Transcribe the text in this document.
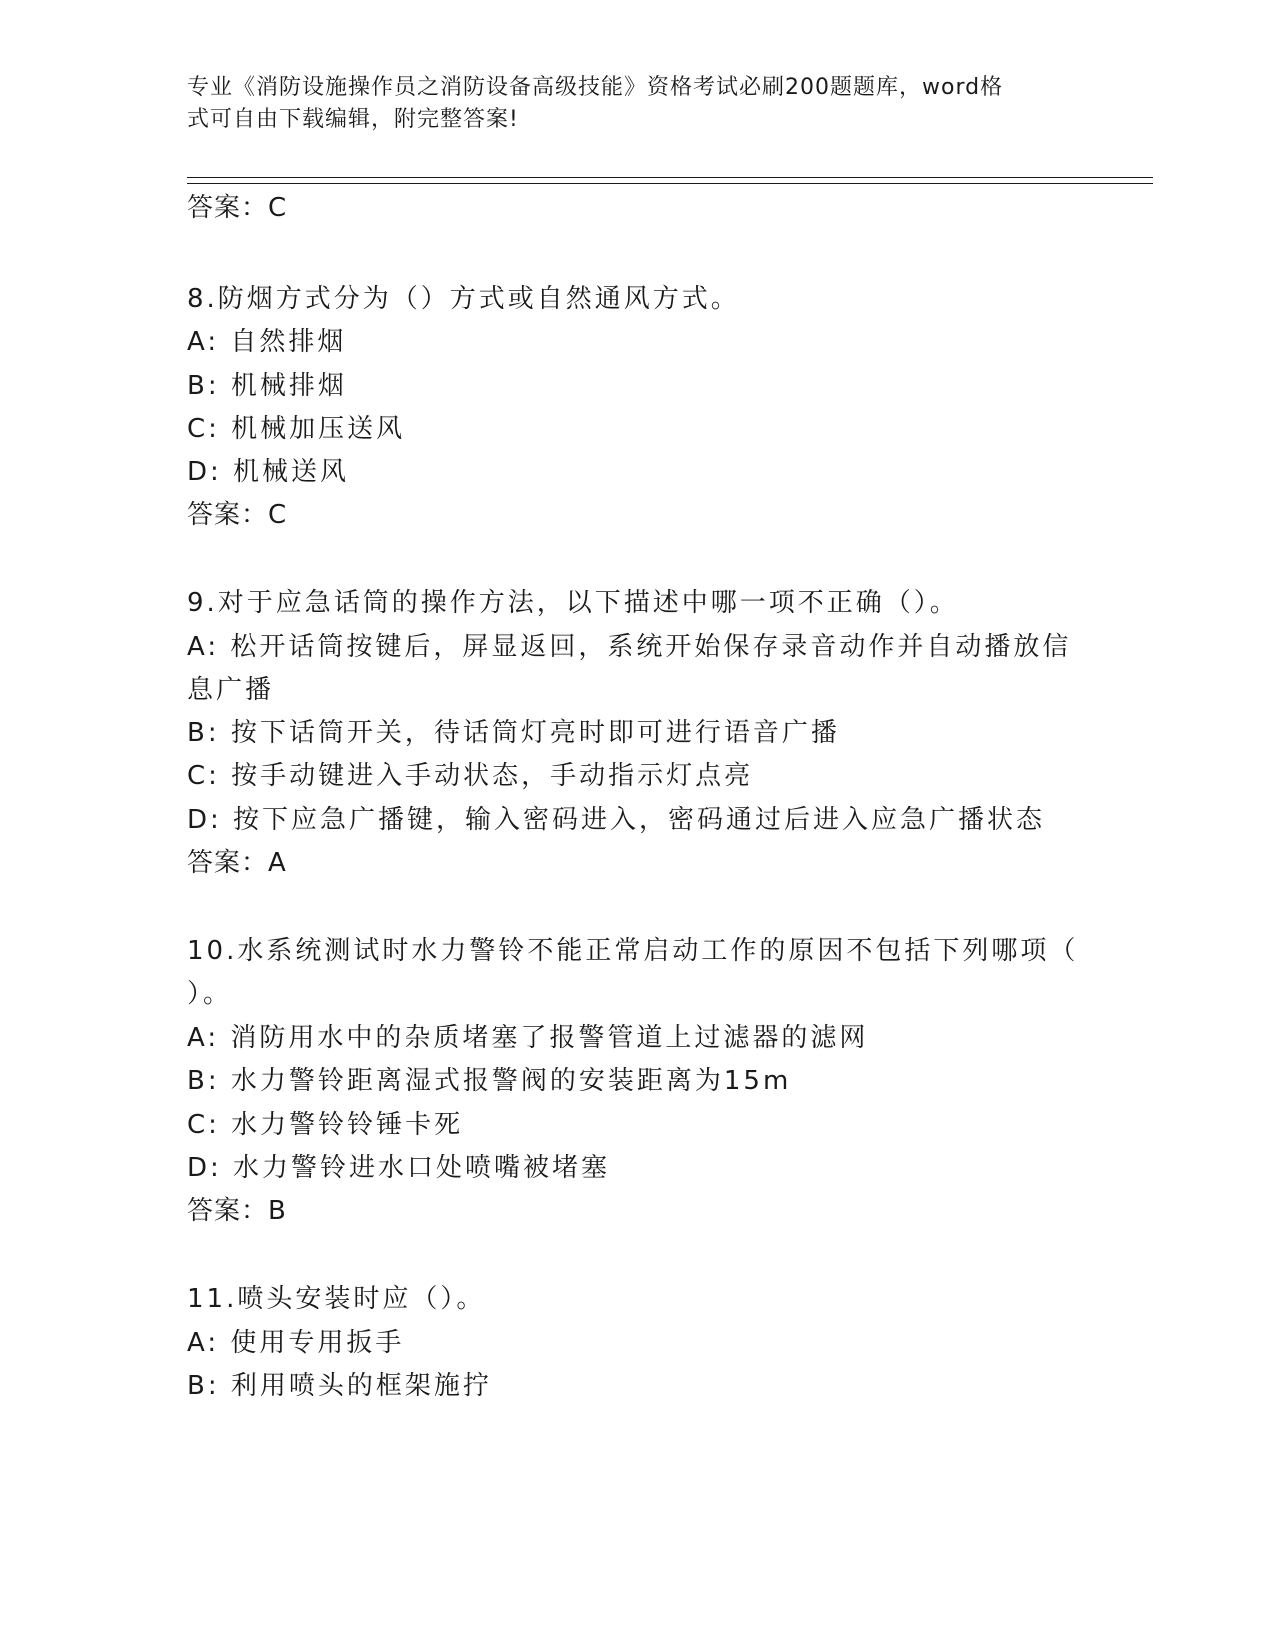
专业《消防设施操作员之消防设备高级技能》资格考试必刷200题题库，word格
式可自由下载编辑，附完整答案!
答案：C
8.防烟方式分为（）方式或自然通风方式。
A: 自然排烟
B: 机械排烟
C: 机械加压送风
D: 机械送风
答案：C
9.对于应急话筒的操作方法，以下描述中哪一项不正确（）。
A: 松开话筒按键后，屏显返回，系统开始保存录音动作并自动播放信
息广播
B: 按下话筒开关，待话筒灯亮时即可进行语音广播
C: 按手动键进入手动状态，手动指示灯点亮
D: 按下应急广播键，输入密码进入，密码通过后进入应急广播状态
答案：A
10.水系统测试时水力警铃不能正常启动工作的原因不包括下列哪项（
）。
A: 消防用水中的杂质堵塞了报警管道上过滤器的滤网
B: 水力警铃距离湿式报警阀的安装距离为15m
C: 水力警铃铃锤卡死
D: 水力警铃进水口处喷嘴被堵塞
答案：B
11.喷头安装时应（）。
A: 使用专用扳手
B: 利用喷头的框架施拧
